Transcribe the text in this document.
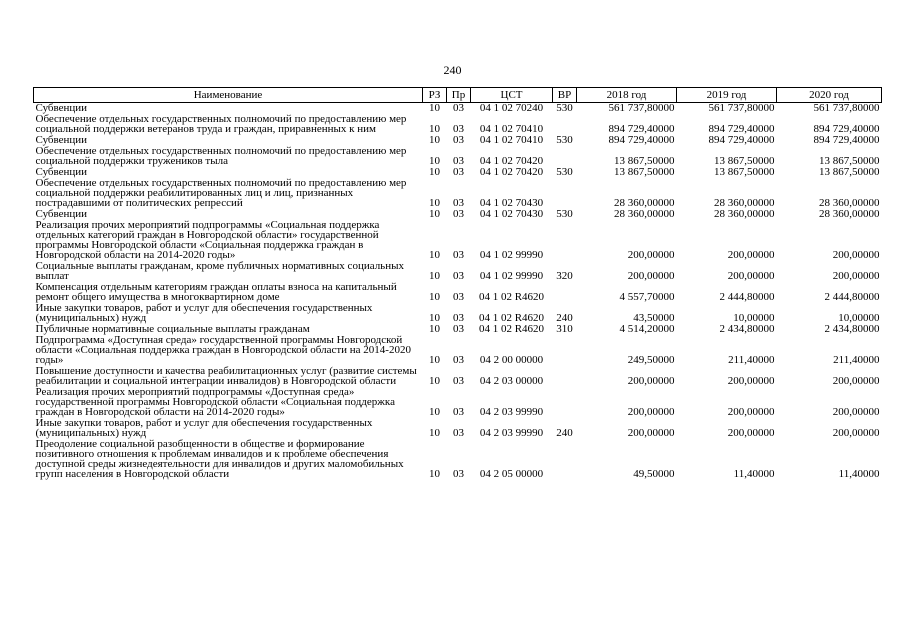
240
Наименование	РЗ	Пр	ЦСТ	ВР	2018 год	2019 год	2020 год
Субвенции	10	03	04 1 02 70240	530	561 737,80000	561 737,80000	561 737,80000
Обеспечение отдельных государственных полномочий по предоставлению мер социальной поддержки ветеранов труда и граждан, приравненных к ним	10	03	04 1 02 70410		894 729,40000	894 729,40000	894 729,40000
Субвенции	10	03	04 1 02 70410	530	894 729,40000	894 729,40000	894 729,40000
Обеспечение отдельных государственных полномочий по предоставлению мер социальной поддержки тружеников тыла	10	03	04 1 02 70420		13 867,50000	13 867,50000	13 867,50000
Субвенции	10	03	04 1 02 70420	530	13 867,50000	13 867,50000	13 867,50000
Обеспечение отдельных государственных полномочий по предоставлению мер социальной поддержки реабилитированных лиц и лиц, признанных пострадавшими от политических репрессий	10	03	04 1 02 70430		28 360,00000	28 360,00000	28 360,00000
Субвенции	10	03	04 1 02 70430	530	28 360,00000	28 360,00000	28 360,00000
Реализация прочих мероприятий подпрограммы «Социальная поддержка отдельных категорий граждан в Новгородской области» государственной программы Новгородской области «Социальная поддержка граждан в Новгородской области на 2014-2020 годы»	10	03	04 1 02 99990		200,00000	200,00000	200,00000
Социальные выплаты гражданам, кроме публичных нормативных социальных выплат	10	03	04 1 02 99990	320	200,00000	200,00000	200,00000
Компенсация отдельным категориям граждан оплаты взноса на капитальный ремонт общего имущества в многоквартирном доме	10	03	04 1 02 R4620		4 557,70000	2 444,80000	2 444,80000
Иные закупки товаров, работ и услуг для обеспечения государственных (муниципальных) нужд	10	03	04 1 02 R4620	240	43,50000	10,00000	10,00000
Публичные нормативные социальные выплаты гражданам	10	03	04 1 02 R4620	310	4 514,20000	2 434,80000	2 434,80000
Подпрограмма «Доступная среда» государственной программы Новгородской области «Социальная поддержка граждан в Новгородской области на 2014-2020 годы»	10	03	04 2 00 00000		249,50000	211,40000	211,40000
Повышение доступности и качества реабилитационных услуг (развитие системы реабилитации и социальной интеграции инвалидов) в Новгородской области	10	03	04 2 03 00000		200,00000	200,00000	200,00000
Реализация прочих мероприятий подпрограммы «Доступная среда» государственной программы Новгородской области «Социальная поддержка граждан в Новгородской области на 2014-2020 годы»	10	03	04 2 03 99990		200,00000	200,00000	200,00000
Иные закупки товаров, работ и услуг для обеспечения государственных (муниципальных) нужд	10	03	04 2 03 99990	240	200,00000	200,00000	200,00000
Преодоление социальной разобщенности в обществе и формирование позитивного отношения к проблемам инвалидов и к проблеме обеспечения доступной среды жизнедеятельности для инвалидов и других маломобильных групп населения в Новгородской области	10	03	04 2 05 00000		49,50000	11,40000	11,40000
